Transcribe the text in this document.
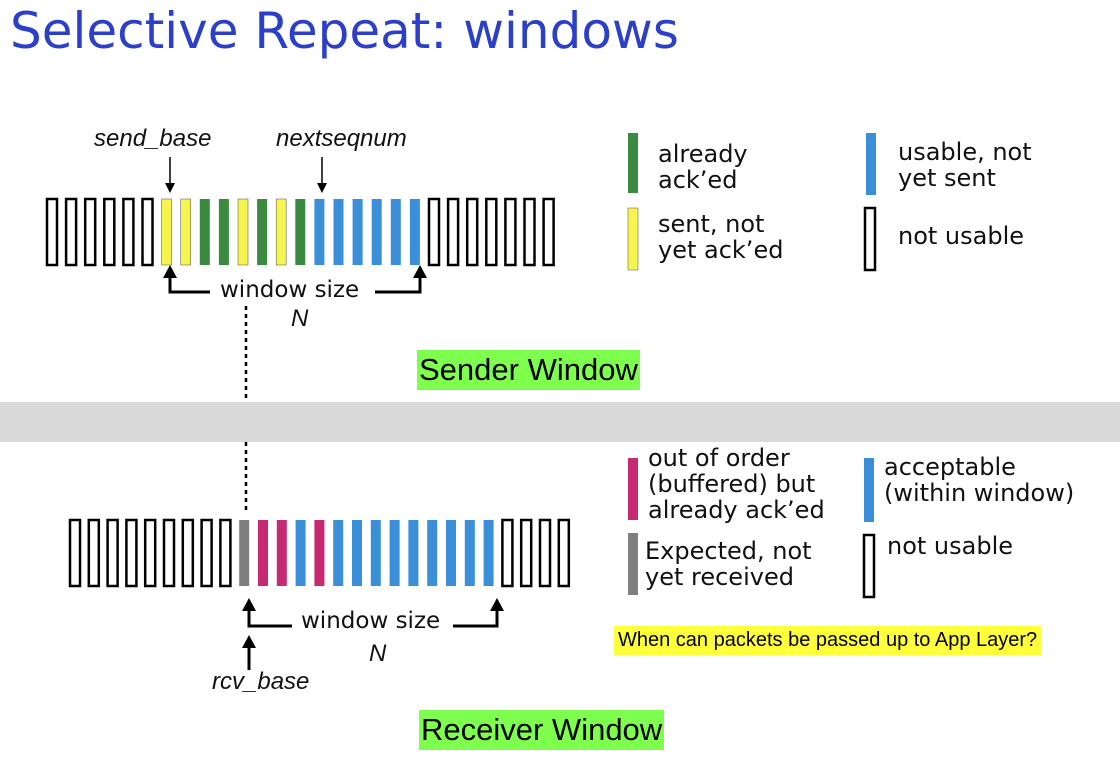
Selective Repeat: windows
send_base	nextseqnum
window size
N
Sender Window
already
ack’ed
sent, not
yet ack’ed
usable, not
yet sent
not usable
window size
N
rcv_base
Receiver Window
out of order
(buffered) but
already ack’ed
acceptable
(within window)
Expected, not
yet received
not usable
When can packets be passed up to App Layer?
